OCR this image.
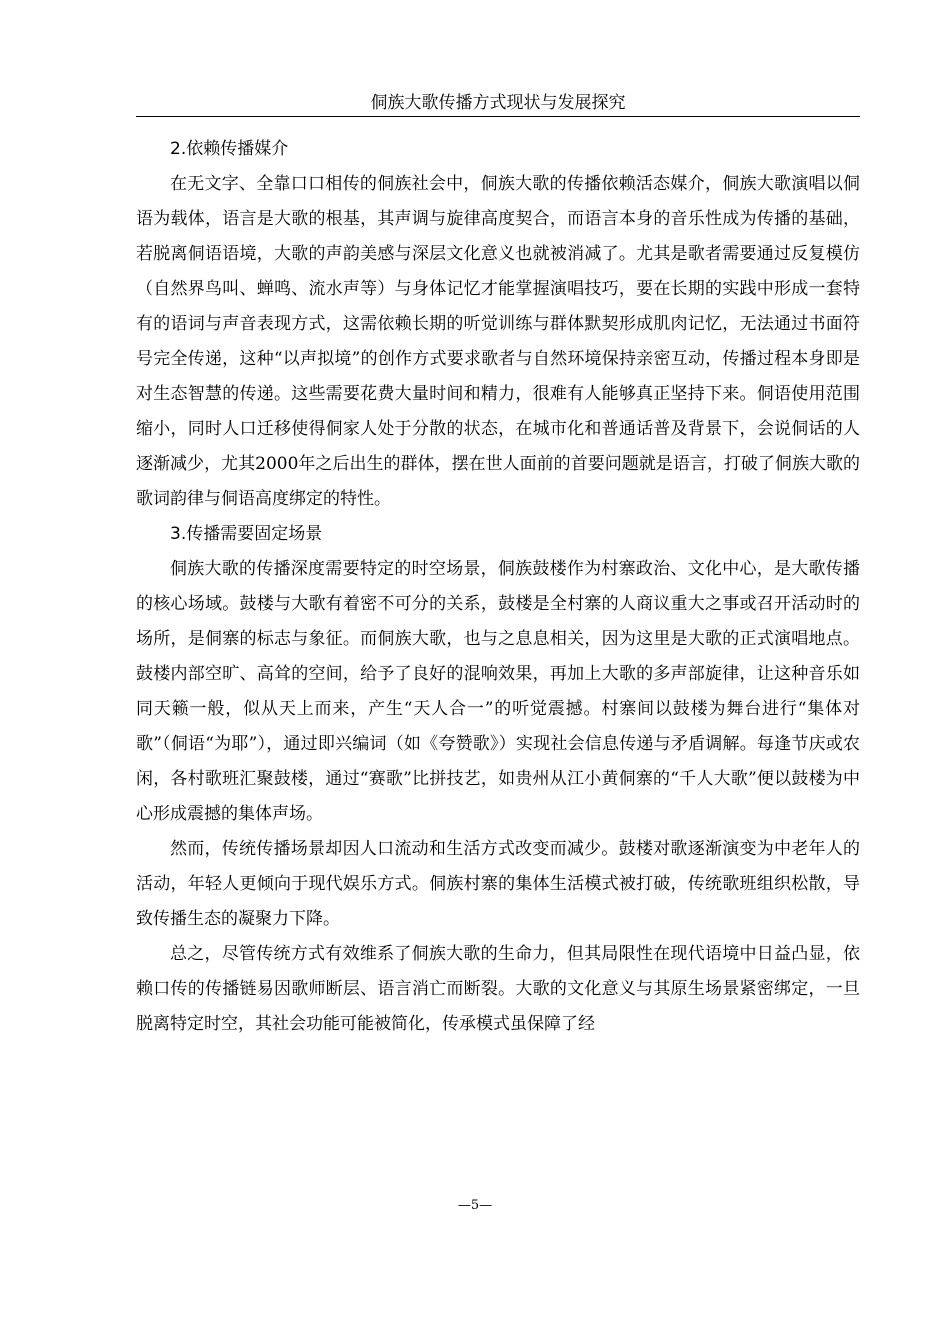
侗族大歌传播方式现状与发展探究

2.依赖传播媒介

在无文字、全靠口口相传的侗族社会中，侗族大歌的传播依赖活态媒介，侗族大歌演唱以侗语为载体，语言是大歌的根基，其声调与旋律高度契合，而语言本身的音乐性成为传播的基础，若脱离侗语语境，大歌的声韵美感与深层文化意义也就被消减了。尤其是歌者需要通过反复模仿（自然界鸟叫、蝉鸣、流水声等）与身体记忆才能掌握演唱技巧，要在长期的实践中形成一套特有的语词与声音表现方式，这需依赖长期的听觉训练与群体默契形成肌肉记忆，无法通过书面符号完全传递，这种“以声拟境”的创作方式要求歌者与自然环境保持亲密互动，传播过程本身即是对生态智慧的传递。这些需要花费大量时间和精力，很难有人能够真正坚持下来。侗语使用范围缩小，同时人口迁移使得侗家人处于分散的状态，在城市化和普通话普及背景下，会说侗话的人逐渐减少，尤其2000年之后出生的群体，摆在世人面前的首要问题就是语言，打破了侗族大歌的歌词韵律与侗语高度绑定的特性。

3.传播需要固定场景

侗族大歌的传播深度需要特定的时空场景，侗族鼓楼作为村寨政治、文化中心，是大歌传播的核心场域。鼓楼与大歌有着密不可分的关系，鼓楼是全村寨的人商议重大之事或召开活动时的场所，是侗寨的标志与象征。而侗族大歌，也与之息息相关，因为这里是大歌的正式演唱地点。鼓楼内部空旷、高耸的空间，给予了良好的混响效果，再加上大歌的多声部旋律，让这种音乐如同天籁一般，似从天上而来，产生“天人合一”的听觉震撼。村寨间以鼓楼为舞台进行“集体对歌”（侗语“为耶”），通过即兴编词（如《夸赞歌》）实现社会信息传递与矛盾调解。每逢节庆或农闲，各村歌班汇聚鼓楼，通过“赛歌”比拼技艺，如贵州从江小黄侗寨的“千人大歌”便以鼓楼为中心形成震撼的集体声场。

然而，传统传播场景却因人口流动和生活方式改变而减少。鼓楼对歌逐渐演变为中老年人的活动，年轻人更倾向于现代娱乐方式。侗族村寨的集体生活模式被打破，传统歌班组织松散，导致传播生态的凝聚力下降。

总之，尽管传统方式有效维系了侗族大歌的生命力，但其局限性在现代语境中日益凸显，依赖口传的传播链易因歌师断层、语言消亡而断裂。大歌的文化意义与其原生场景紧密绑定，一旦脱离特定时空，其社会功能可能被简化，传承模式虽保障了经

—5—
